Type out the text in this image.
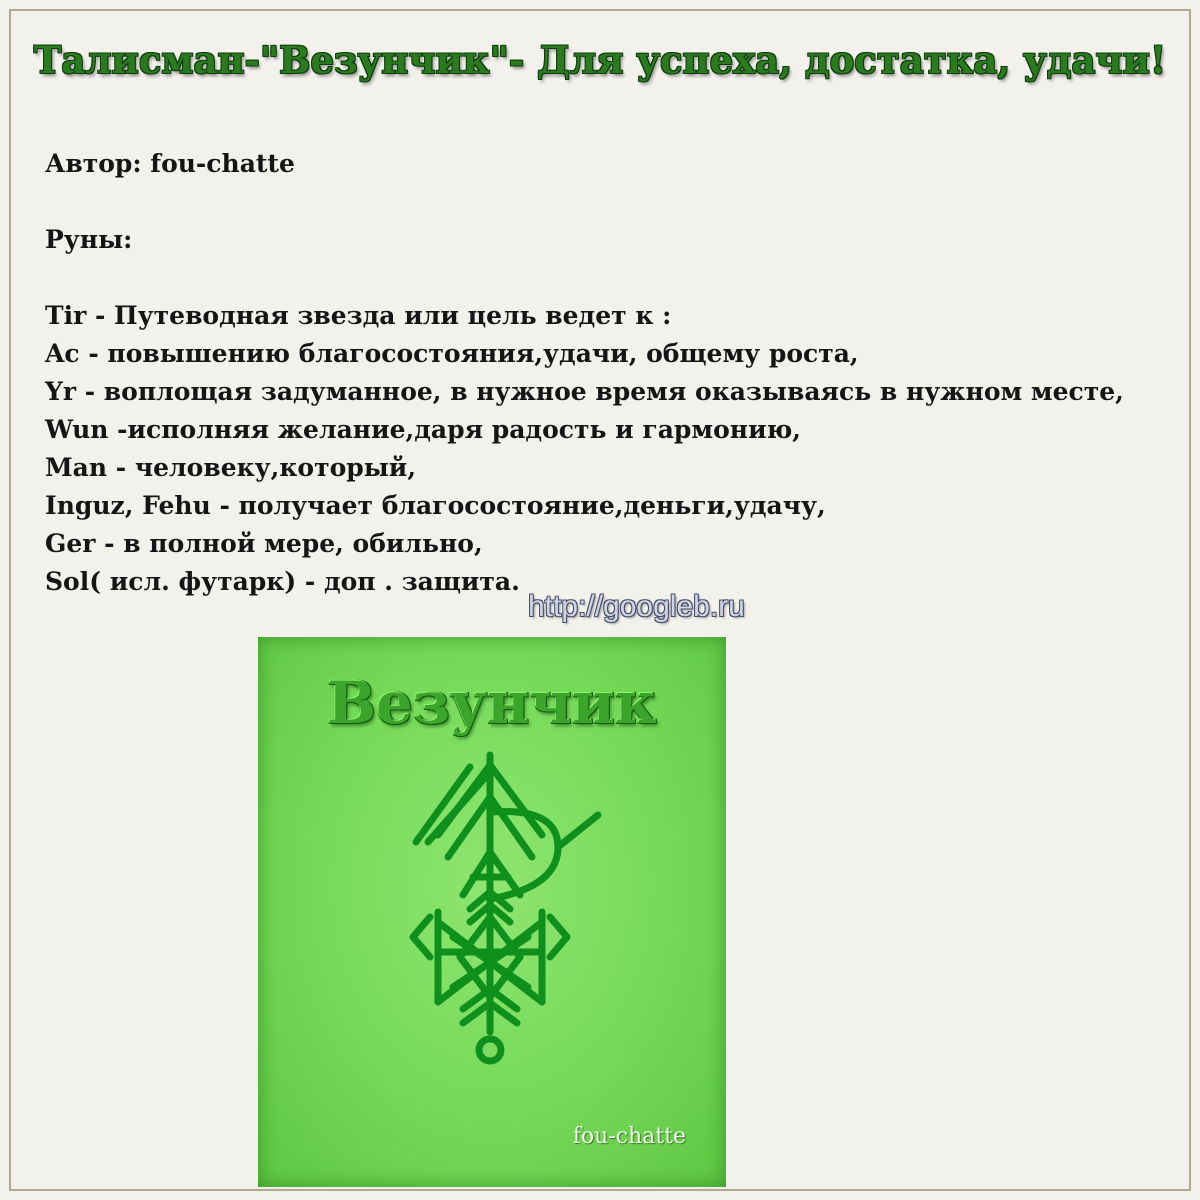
Талисман-"Везунчик"- Для успеха, достатка, удачи!
Автор: fou-chatte
Руны:
Tir - Путеводная звезда или цель ведет к :
Ac - повышению благосостояния,удачи, общему роста,
Yr - воплощая задуманное, в нужное время оказываясь в нужном месте,
Wun -исполняя желание,даря радость и гармонию,
Man - человеку,который,
Inguz, Fehu - получает благосостояние,деньги,удачу,
Ger - в полной мере, обильно,
Sol( исл. футарк) - доп . защита.
http://googleb.ru
Везунчик
fou-chatte
